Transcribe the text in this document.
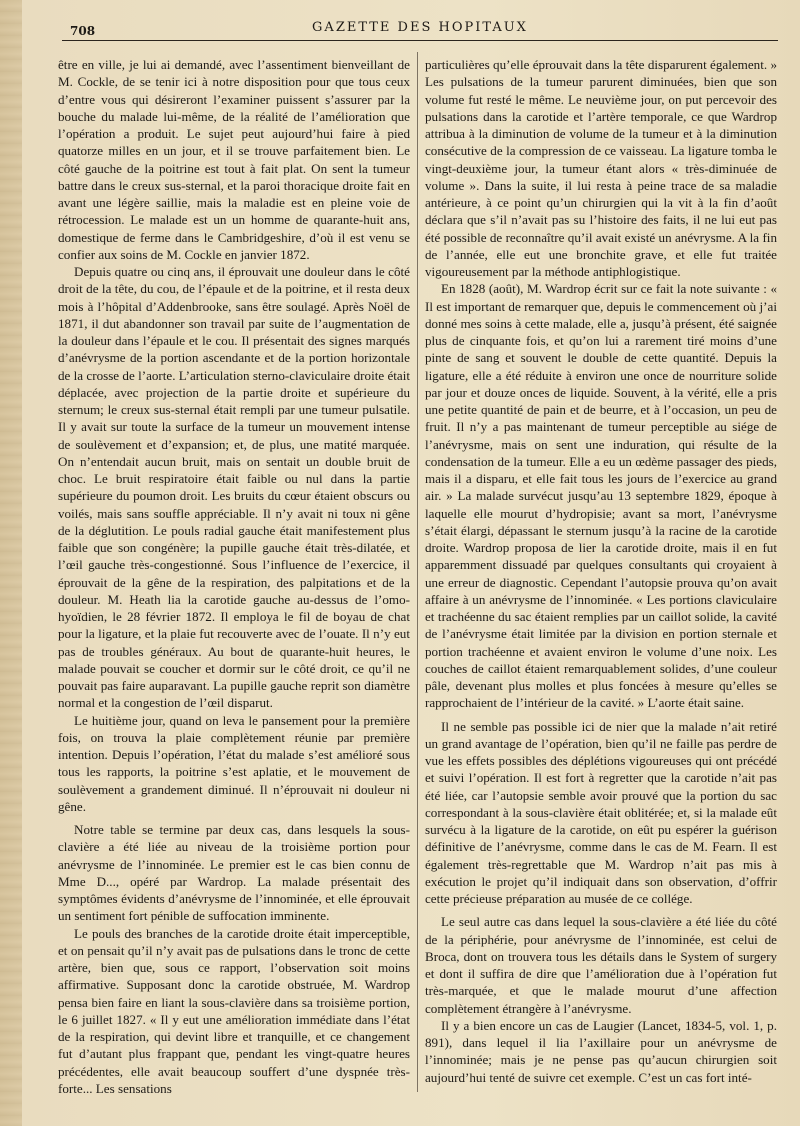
708	GAZETTE DES HOPITAUX

être en ville, je lui ai demandé, avec l’assentiment bienveillant de M. Cockle, de se tenir ici à notre disposition pour que tous ceux d’entre vous qui désireront l’examiner puissent s’assurer par la bouche du malade lui-même, de la réalité de l’amélioration que l’opération a produit. Le sujet peut aujourd’hui faire à pied quatorze milles en un jour, et il se trouve parfaitement bien. Le côté gauche de la poitrine est tout à fait plat. On sent la tumeur battre dans le creux sus-sternal, et la paroi thoracique droite fait en avant une légère saillie, mais la maladie est en pleine voie de rétrocession. Le malade est un un homme de quarante-huit ans, domestique de ferme dans le Cambridgeshire, d’où il est venu se confier aux soins de M. Cockle en janvier 1872.

Depuis quatre ou cinq ans, il éprouvait une douleur dans le côté droit de la tête, du cou, de l’épaule et de la poitrine, et il resta deux mois à l’hôpital d’Addenbrooke, sans être soulagé. Après Noël de 1871, il dut abandonner son travail par suite de l’augmentation de la douleur dans l’épaule et le cou. Il présentait des signes marqués d’anévrysme de la portion ascendante et de la portion horizontale de la crosse de l’aorte. L’articulation sterno-claviculaire droite était déplacée, avec projection de la partie droite et supérieure du sternum; le creux sus-sternal était rempli par une tumeur pulsatile. Il y avait sur toute la surface de la tumeur un mouvement intense de soulèvement et d’expansion; et, de plus, une matité marquée. On n’entendait aucun bruit, mais on sentait un double bruit de choc. Le bruit respiratoire était faible ou nul dans la partie supérieure du poumon droit. Les bruits du cœur étaient obscurs ou voilés, mais sans souffle appréciable. Il n’y avait ni toux ni gêne de la déglutition. Le pouls radial gauche était manifestement plus faible que son congénère; la pupille gauche était très-dilatée, et l’œil gauche très-congestionné. Sous l’influence de l’exercice, il éprouvait de la gêne de la respiration, des palpitations et de la douleur. M. Heath lia la carotide gauche au-dessus de l’omo-hyoïdien, le 28 février 1872. Il employa le fil de boyau de chat pour la ligature, et la plaie fut recouverte avec de l’ouate. Il n’y eut pas de troubles généraux. Au bout de quarante-huit heures, le malade pouvait se coucher et dormir sur le côté droit, ce qu’il ne pouvait pas faire auparavant. La pupille gauche reprit son diamètre normal et la congestion de l’œil disparut.

Le huitième jour, quand on leva le pansement pour la première fois, on trouva la plaie complètement réunie par première intention. Depuis l’opération, l’état du malade s’est amélioré sous tous les rapports, la poitrine s’est aplatie, et le mouvement de soulèvement a grandement diminué. Il n’éprouvait ni douleur ni gêne.

Notre table se termine par deux cas, dans lesquels la sous-clavière a été liée au niveau de la troisième portion pour anévrysme de l’innominée. Le premier est le cas bien connu de Mme D..., opéré par Wardrop. La malade présentait des symptômes évidents d’anévrysme de l’innominée, et elle éprouvait un sentiment fort pénible de suffocation imminente.

Le pouls des branches de la carotide droite était imperceptible, et on pensait qu’il n’y avait pas de pulsations dans le tronc de cette artère, bien que, sous ce rapport, l’observation soit moins affirmative. Supposant donc la carotide obstruée, M. Wardrop pensa bien faire en liant la sous-clavière dans sa troisième portion, le 6 juillet 1827. « Il y eut une amélioration immédiate dans l’état de la respiration, qui devint libre et tranquille, et ce changement fut d’autant plus frappant que, pendant les vingt-quatre heures précédentes, elle avait beaucoup souffert d’une dyspnée très-forte... Les sensations

particulières qu’elle éprouvait dans la tête disparurent également. » Les pulsations de la tumeur parurent diminuées, bien que son volume fut resté le même. Le neuvième jour, on put percevoir des pulsations dans la carotide et l’artère temporale, ce que Wardrop attribua à la diminution de volume de la tumeur et à la diminution consécutive de la compression de ce vaisseau. La ligature tomba le vingt-deuxième jour, la tumeur étant alors « très-diminuée de volume ». Dans la suite, il lui resta à peine trace de sa maladie antérieure, à ce point qu’un chirurgien qui la vit à la fin d’août déclara que s’il n’avait pas su l’histoire des faits, il ne lui eut pas été possible de reconnaître qu’il avait existé un anévrysme. A la fin de l’année, elle eut une bronchite grave, et elle fut traitée vigoureusement par la méthode antiphlogistique.

En 1828 (août), M. Wardrop écrit sur ce fait la note suivante : « Il est important de remarquer que, depuis le commencement où j’ai donné mes soins à cette malade, elle a, jusqu’à présent, été saignée plus de cinquante fois, et qu’on lui a rarement tiré moins d’une pinte de sang et souvent le double de cette quantité. Depuis la ligature, elle a été réduite à environ une once de nourriture solide par jour et douze onces de liquide. Souvent, à la vérité, elle a pris une petite quantité de pain et de beurre, et à l’occasion, un peu de fruit. Il n’y a pas maintenant de tumeur perceptible au siége de l’anévrysme, mais on sent une induration, qui résulte de la condensation de la tumeur. Elle a eu un œdème passager des pieds, mais il a disparu, et elle fait tous les jours de l’exercice au grand air. » La malade survécut jusqu’au 13 septembre 1829, époque à laquelle elle mourut d’hydropisie; avant sa mort, l’anévrysme s’était élargi, dépassant le sternum jusqu’à la racine de la carotide droite. Wardrop proposa de lier la carotide droite, mais il en fut apparemment dissuadé par quelques consultants qui croyaient à une erreur de diagnostic. Cependant l’autopsie prouva qu’on avait affaire à un anévrysme de l’innominée. « Les portions claviculaire et trachéenne du sac étaient remplies par un caillot solide, la cavité de l’anévrysme était limitée par la division en portion sternale et portion trachéenne et avaient environ le volume d’une noix. Les couches de caillot étaient remarquablement solides, d’une couleur pâle, devenant plus molles et plus foncées à mesure qu’elles se rapprochaient de l’intérieur de la cavité. » L’aorte était saine.

Il ne semble pas possible ici de nier que la malade n’ait retiré un grand avantage de l’opération, bien qu’il ne faille pas perdre de vue les effets possibles des déplétions vigoureuses qui ont précédé et suivi l’opération. Il est fort à regretter que la carotide n’ait pas été liée, car l’autopsie semble avoir prouvé que la portion du sac correspondant à la sous-clavière était oblitérée; et, si la malade eût survécu à la ligature de la carotide, on eût pu espérer la guérison définitive de l’anévrysme, comme dans le cas de M. Fearn. Il est également très-regrettable que M. Wardrop n’ait pas mis à exécution le projet qu’il indiquait dans son observation, d’offrir cette précieuse préparation au musée de ce collége.

Le seul autre cas dans lequel la sous-clavière a été liée du côté de la périphérie, pour anévrysme de l’innominée, est celui de Broca, dont on trouvera tous les détails dans le System of surgery et dont il suffira de dire que l’amélioration due à l’opération fut très-marquée, et que le malade mourut d’une affection complètement étrangère à l’anévrysme.

Il y a bien encore un cas de Laugier (Lancet, 1834-5, vol. 1, p. 891), dans lequel il lia l’axillaire pour un anévrysme de l’innominée; mais je ne pense pas qu’aucun chirurgien soit aujourd’hui tenté de suivre cet exemple. C’est un cas fort inté-
